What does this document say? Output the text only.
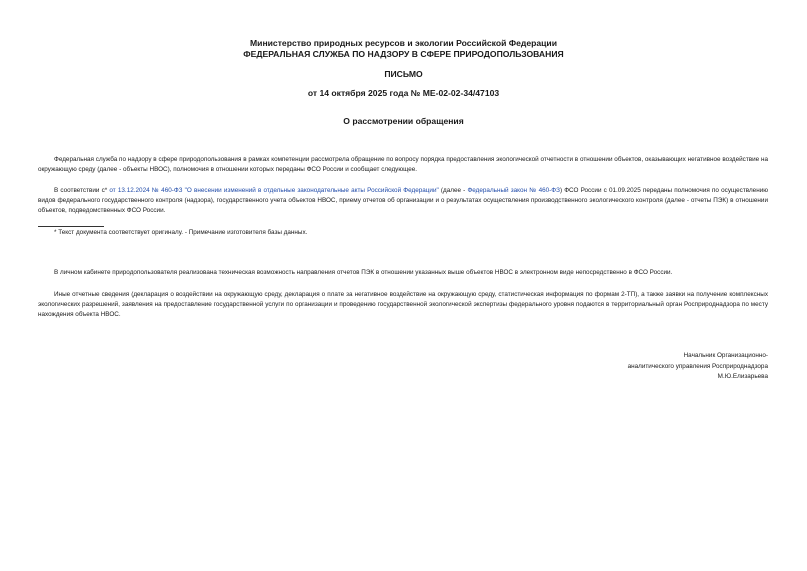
Министерство природных ресурсов и экологии Российской Федерации
ФЕДЕРАЛЬНАЯ СЛУЖБА ПО НАДЗОРУ В СФЕРЕ ПРИРОДОПОЛЬЗОВАНИЯ
ПИСЬМО
от 14 октября 2025 года № МЕ-02-02-34/47103
О рассмотрении обращения
Федеральная служба по надзору в сфере природопользования в рамках компетенции рассмотрела обращение по вопросу порядка предоставления экологической отчетности в отношении объектов, оказывающих негативное воздействие на окружающую среду (далее - объекты НВОС), полномочия в отношении которых переданы ФСО России и сообщает следующее.
В соответствии с* от 13.12.2024 № 460-ФЗ "О внесении изменений в отдельные законодательные акты Российской Федерации" (далее - Федеральный закон № 460-ФЗ) ФСО России с 01.09.2025 переданы полномочия по осуществлению видов федерального государственного контроля (надзора), государственного учета объектов НВОС, приему отчетов об организации и о результатах осуществления производственного экологического контроля (далее - отчеты ПЭК) в отношении объектов, подведомственных ФСО России.
* Текст документа соответствует оригиналу. - Примечание изготовителя базы данных.
В личном кабинете природопользователя реализована техническая возможность направления отчетов ПЭК в отношении указанных выше объектов НВОС в электронном виде непосредственно в ФСО России.
Иные отчетные сведения (декларация о воздействии на окружающую среду, декларация о плате за негативное воздействие на окружающую среду, статистическая информация по формам 2-ТП), а также заявки на получение комплексных экологических разрешений, заявления на предоставление государственной услуги по организации и проведению государственной экологической экспертизы федерального уровня подаются в территориальный орган Росприроднадзора по месту нахождения объекта НВОС.
Начальник Организационно-
аналитического управления Росприроднадзора
М.Ю.Елизарьева
